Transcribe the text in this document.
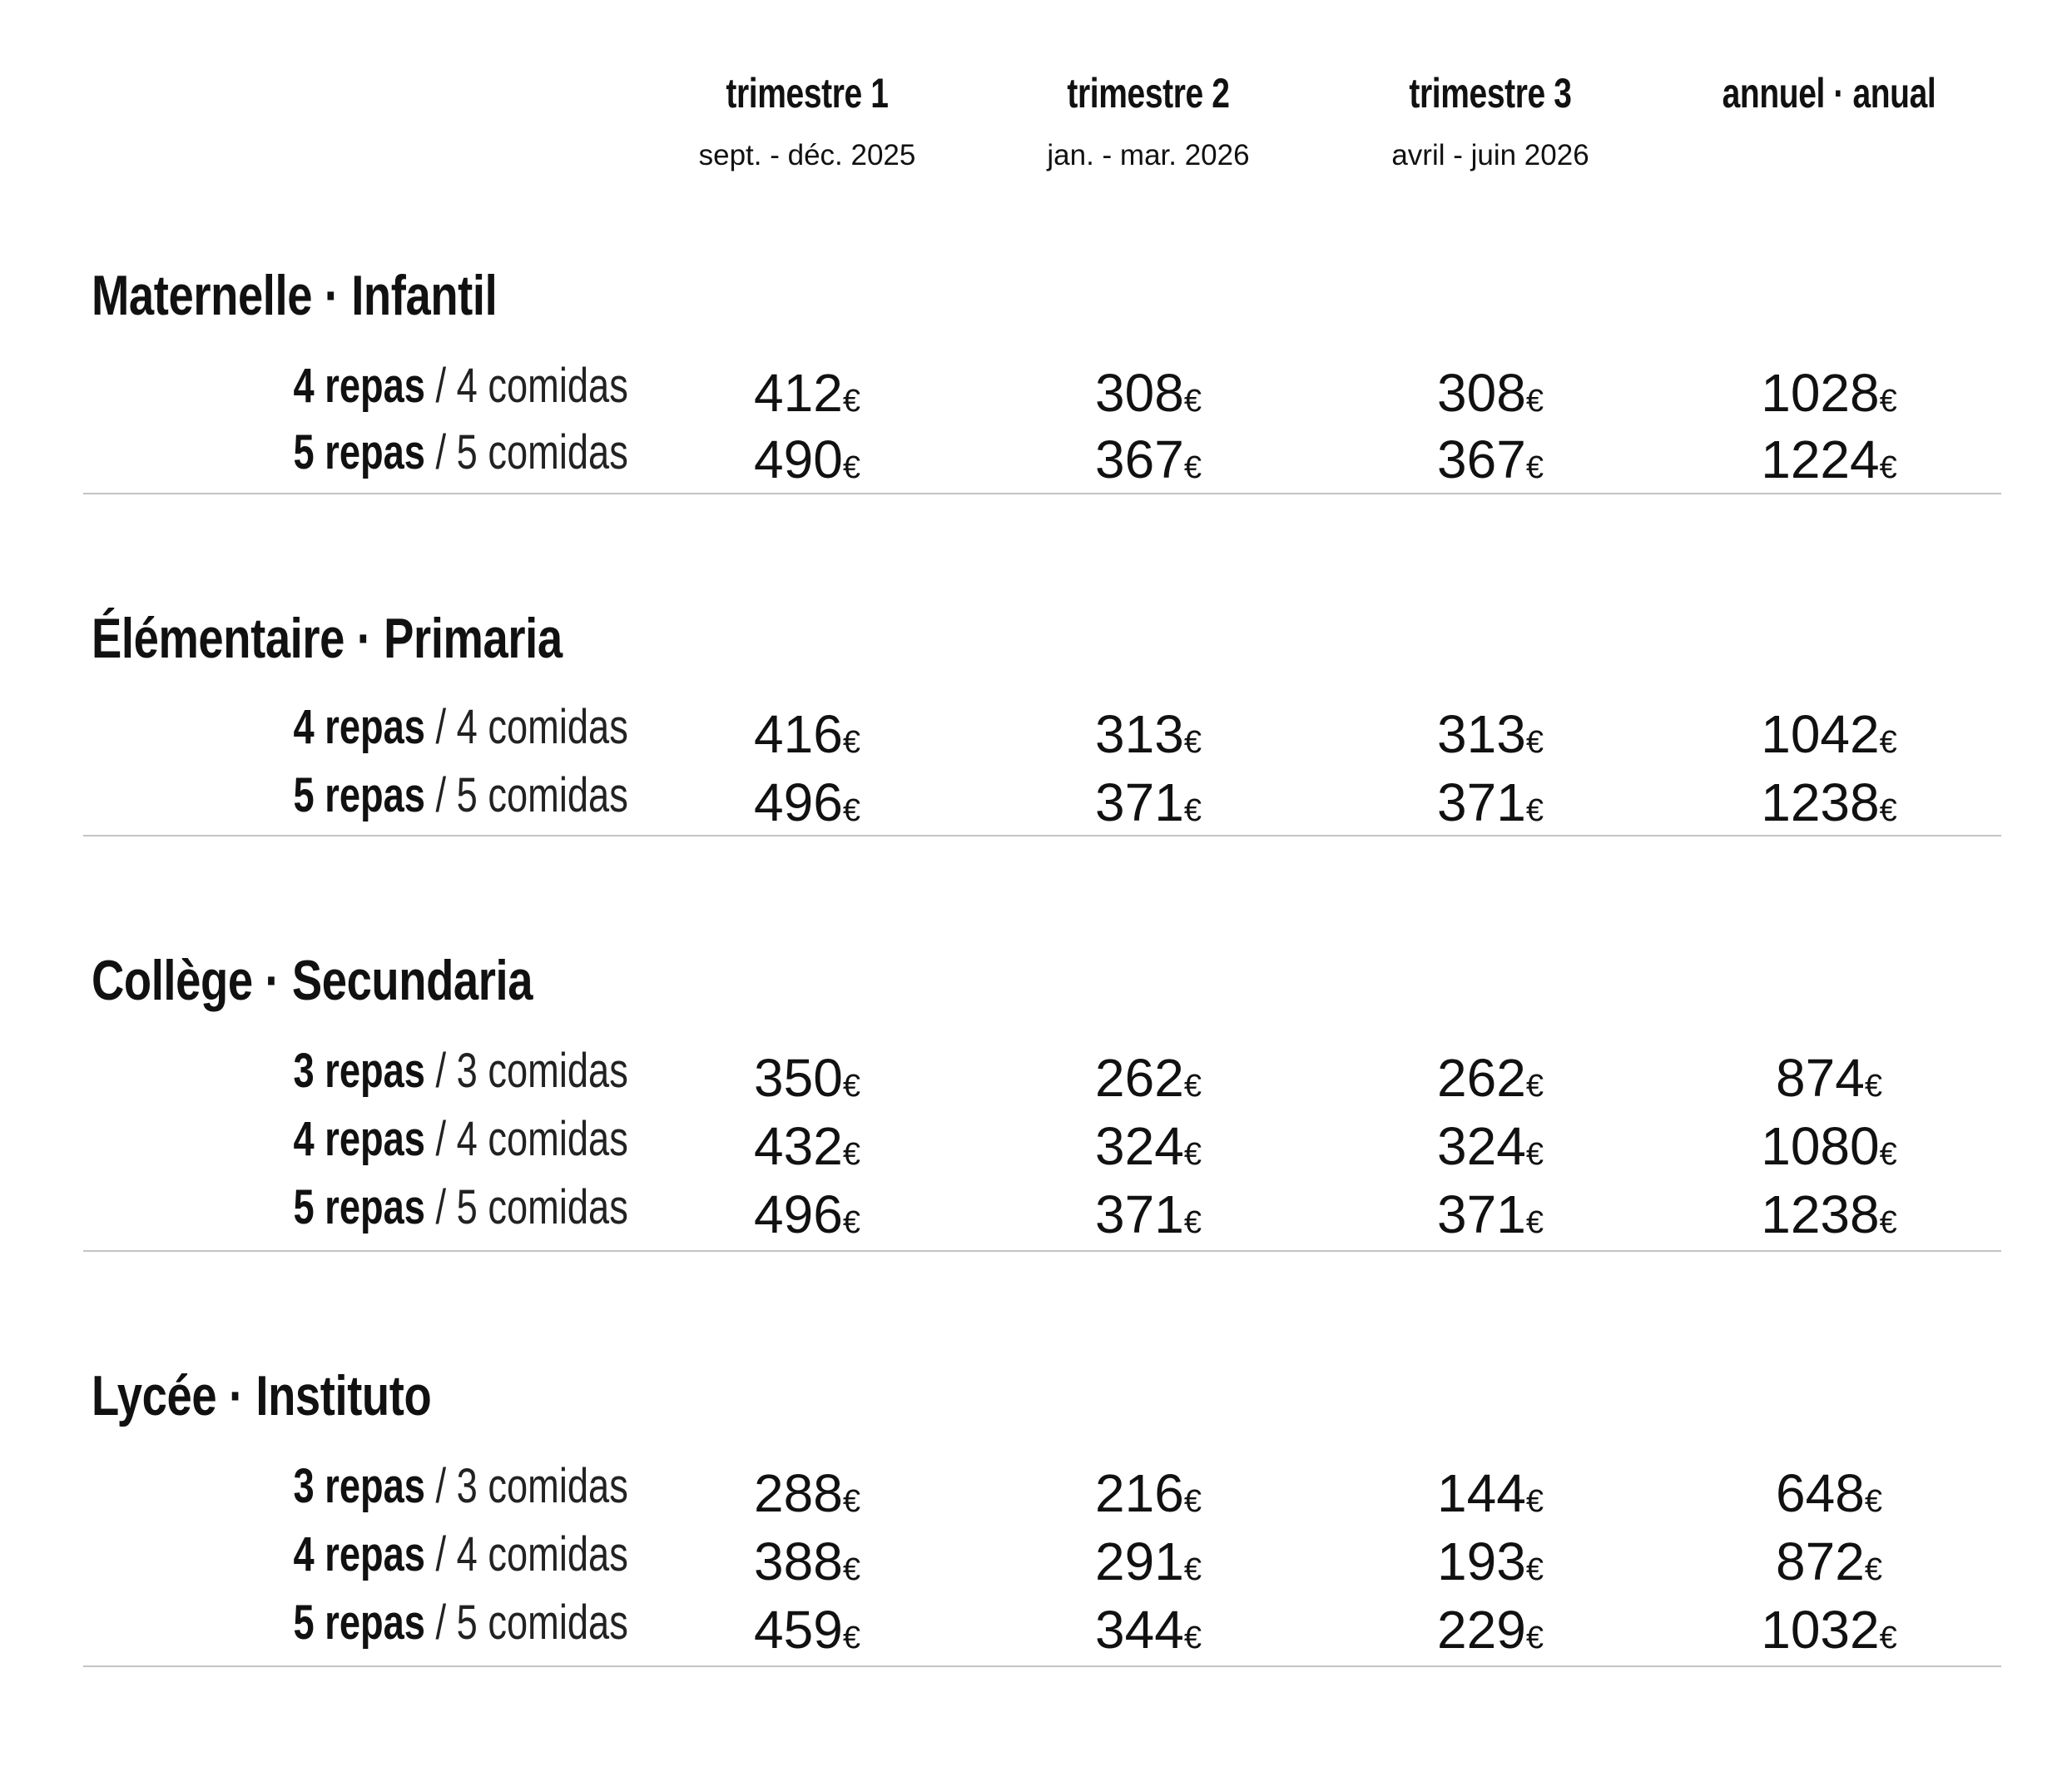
trimestre 1
sept. - déc. 2025
trimestre 2
jan. - mar. 2026
trimestre 3
avril - juin 2026
annuel · anual
Maternelle · Infantil
4 repas / 4 comidas	412€	308€	308€	1028€
5 repas / 5 comidas	490€	367€	367€	1224€
Élémentaire · Primaria
4 repas / 4 comidas	416€	313€	313€	1042€
5 repas / 5 comidas	496€	371€	371€	1238€
Collège · Secundaria
3 repas / 3 comidas	350€	262€	262€	874€
4 repas / 4 comidas	432€	324€	324€	1080€
5 repas / 5 comidas	496€	371€	371€	1238€
Lycée · Instituto
3 repas / 3 comidas	288€	216€	144€	648€
4 repas / 4 comidas	388€	291€	193€	872€
5 repas / 5 comidas	459€	344€	229€	1032€
